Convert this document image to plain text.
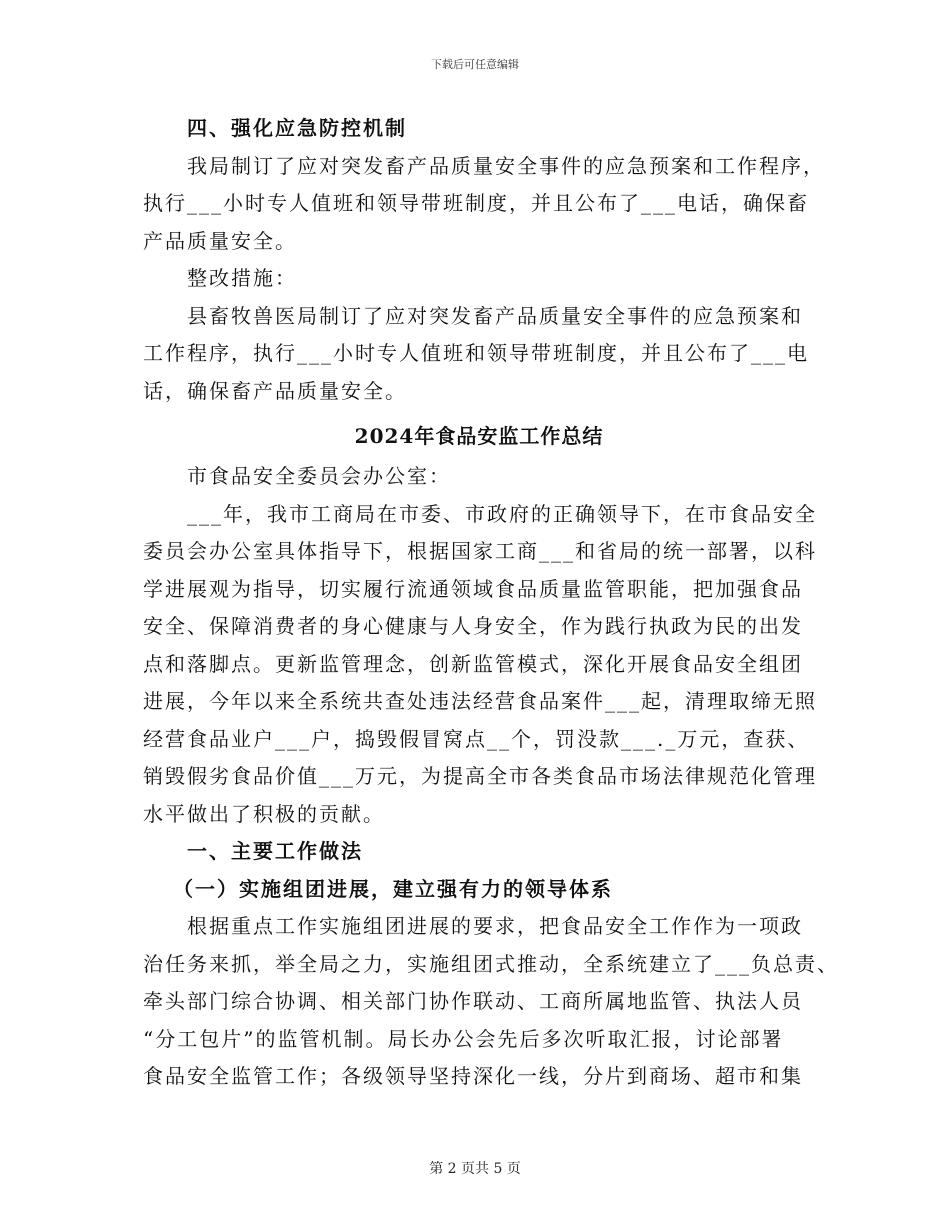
下载后可任意编辑
四、强化应急防控机制
我局制订了应对突发畜产品质量安全事件的应急预案和工作程序，
执行___小时专人值班和领导带班制度，并且公布了___电话，确保畜
产品质量安全。
整改措施：
县畜牧兽医局制订了应对突发畜产品质量安全事件的应急预案和
工作程序，执行___小时专人值班和领导带班制度，并且公布了___电
话，确保畜产品质量安全。
2024年食品安监工作总结
市食品安全委员会办公室：
___年，我市工商局在市委、市政府的正确领导下，在市食品安全
委员会办公室具体指导下，根据国家工商___和省局的统一部署，以科
学进展观为指导，切实履行流通领域食品质量监管职能，把加强食品
安全、保障消费者的身心健康与人身安全，作为践行执政为民的出发
点和落脚点。更新监管理念，创新监管模式，深化开展食品安全组团
进展，今年以来全系统共查处违法经营食品案件___起，清理取缔无照
经营食品业户___户，捣毁假冒窝点__个，罚没款___._万元，查获、
销毁假劣食品价值___万元，为提高全市各类食品市场法律规范化管理
水平做出了积极的贡献。
一、主要工作做法
（一）实施组团进展，建立强有力的领导体系
根据重点工作实施组团进展的要求，把食品安全工作作为一项政
治任务来抓，举全局之力，实施组团式推动，全系统建立了___负总责、
牵头部门综合协调、相关部门协作联动、工商所属地监管、执法人员
“分工包片”的监管机制。局长办公会先后多次听取汇报，讨论部署
食品安全监管工作；各级领导坚持深化一线，分片到商场、超市和集
第 2 页共 5 页
